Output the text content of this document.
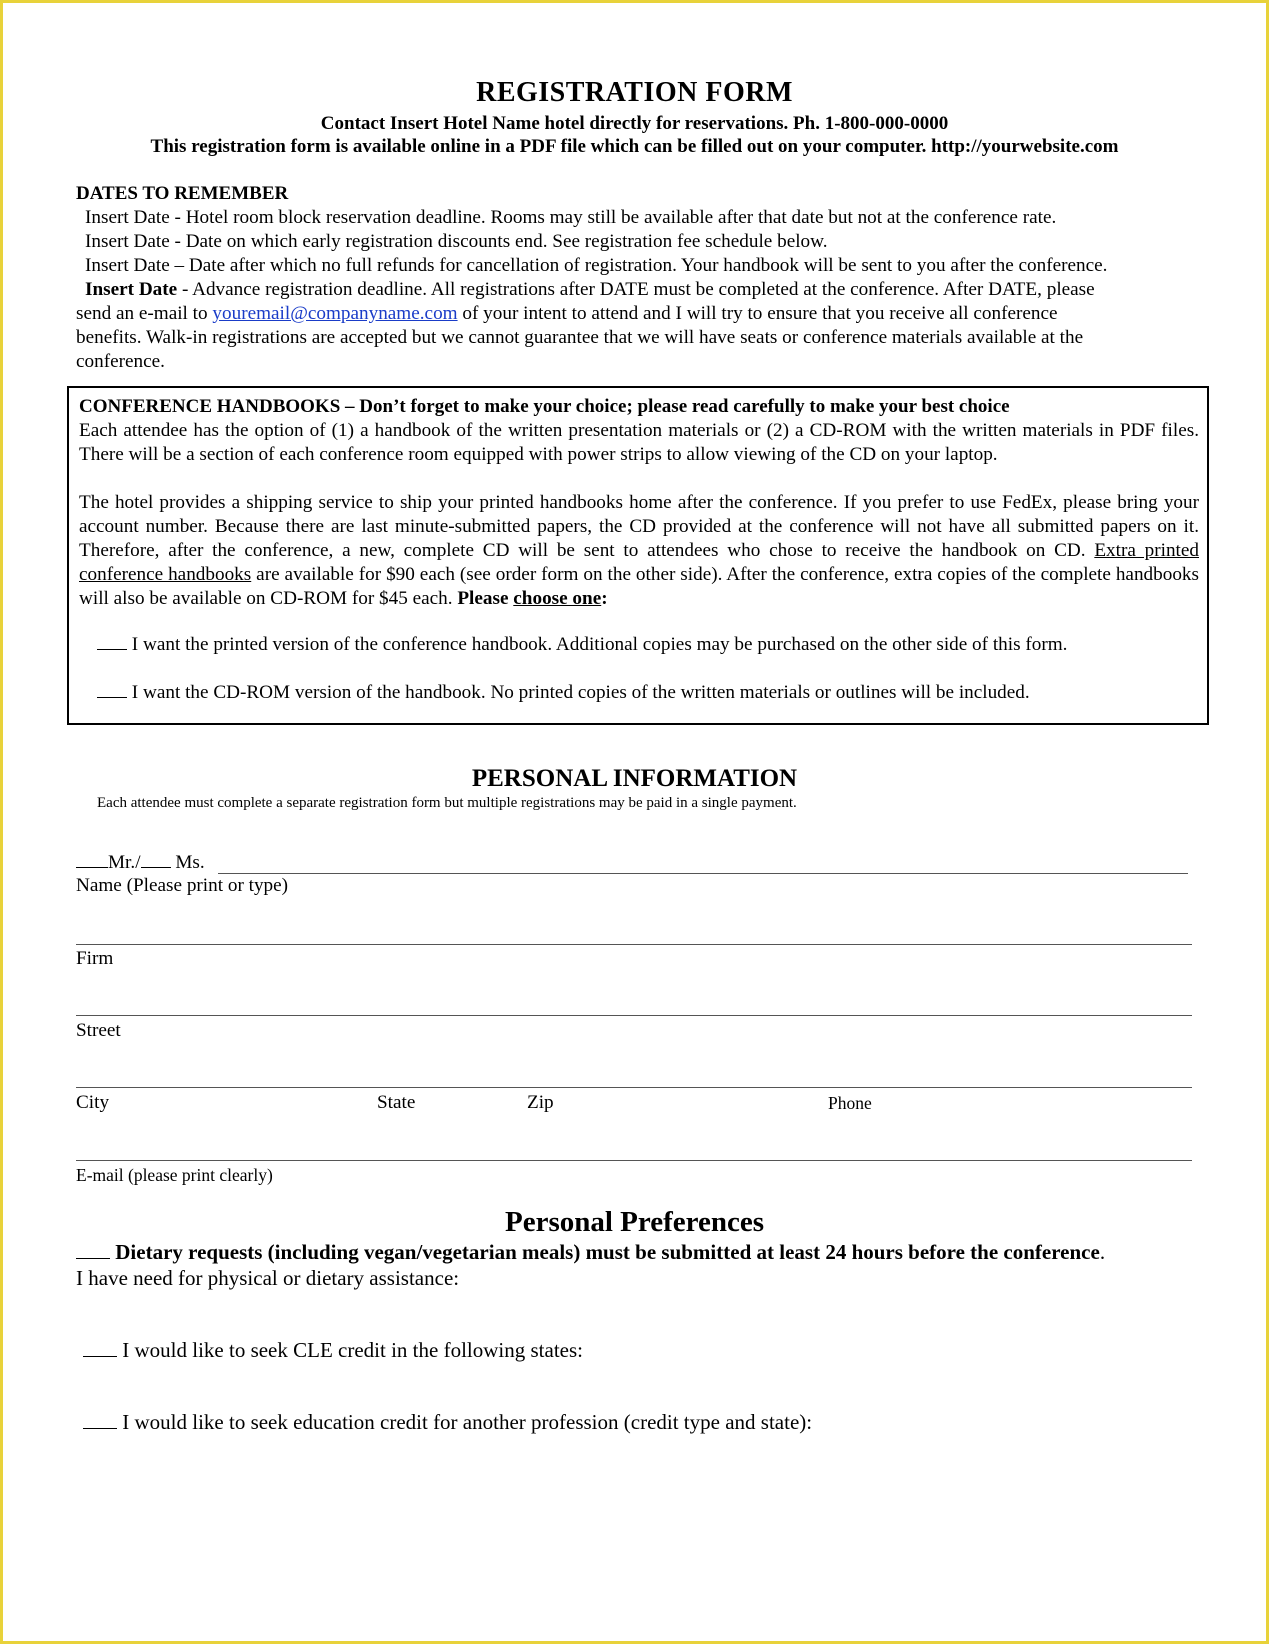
REGISTRATION FORM
Contact Insert Hotel Name hotel directly for reservations. Ph. 1-800-000-0000
This registration form is available online in a PDF file which can be filled out on your computer. http://yourwebsite.com
DATES TO REMEMBER
Insert Date - Hotel room block reservation deadline. Rooms may still be available after that date but not at the conference rate.
Insert Date - Date on which early registration discounts end. See registration fee schedule below.
Insert Date – Date after which no full refunds for cancellation of registration. Your handbook will be sent to you after the conference.
Insert Date - Advance registration deadline. All registrations after DATE must be completed at the conference. After DATE, please
send an e-mail to youremail@companyname.com of your intent to attend and I will try to ensure that you receive all conference
benefits. Walk-in registrations are accepted but we cannot guarantee that we will have seats or conference materials available at the
conference.
CONFERENCE HANDBOOKS – Don’t forget to make your choice; please read carefully to make your best choice
Each attendee has the option of (1) a handbook of the written presentation materials or (2) a CD-ROM with the written materials in PDF files. There will be a section of each conference room equipped with power strips to allow viewing of the CD on your laptop.
The hotel provides a shipping service to ship your printed handbooks home after the conference. If you prefer to use FedEx, please bring your account number. Because there are last minute-submitted papers, the CD provided at the conference will not have all submitted papers on it. Therefore, after the conference, a new, complete CD will be sent to attendees who chose to receive the handbook on CD. Extra printed conference handbooks are available for $90 each (see order form on the other side). After the conference, extra copies of the complete handbooks will also be available on CD-ROM for $45 each. Please choose one:
I want the printed version of the conference handbook. Additional copies may be purchased on the other side of this form.
I want the CD-ROM version of the handbook. No printed copies of the written materials or outlines will be included.
PERSONAL INFORMATION
Each attendee must complete a separate registration form but multiple registrations may be paid in a single payment.
Mr./ Ms.
Name (Please print or type)
Firm
Street
City	State	Zip	Phone
E-mail (please print clearly)
Personal Preferences
Dietary requests (including vegan/vegetarian meals) must be submitted at least 24 hours before the conference.
I have need for physical or dietary assistance:
I would like to seek CLE credit in the following states:
I would like to seek education credit for another profession (credit type and state):
